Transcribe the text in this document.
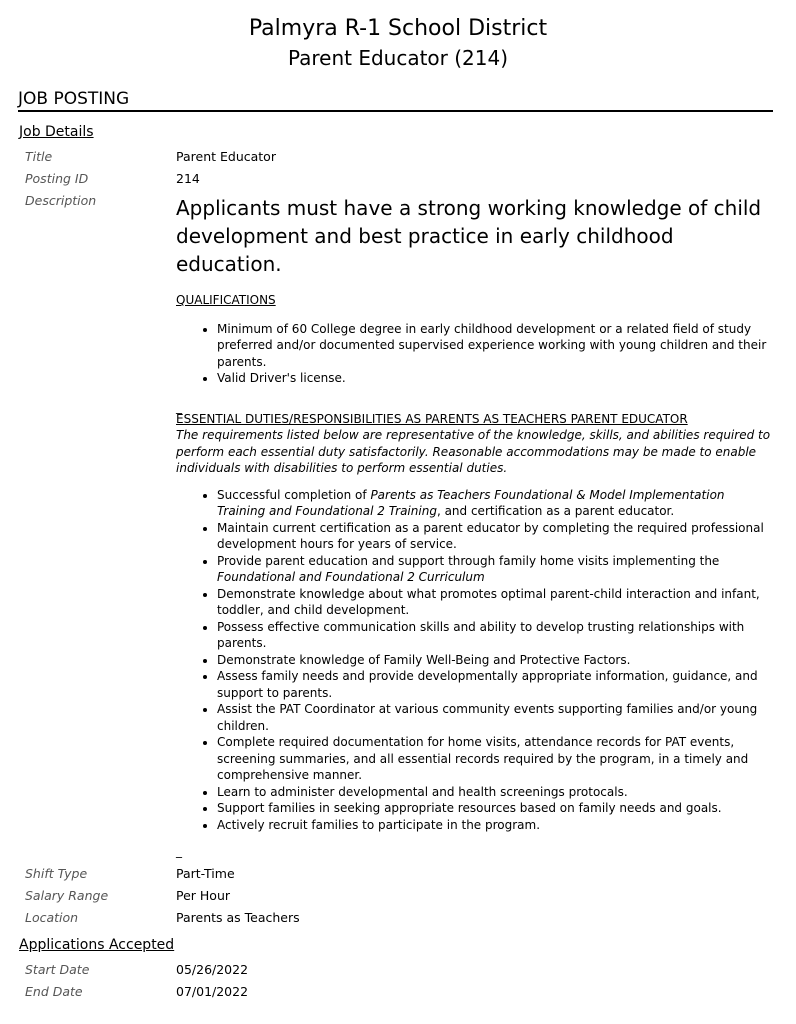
Palmyra R-1 School District
Parent Educator (214)
JOB POSTING
Job Details
Title	Parent Educator
Posting ID	214
Description	Applicants must have a strong working knowledge of child development and best practice in early childhood education.

QUALIFICATIONS

• Minimum of 60 College degree in early childhood development or a related field of study preferred and/or documented supervised experience working with young children and their parents.
• Valid Driver's license.

_

ESSENTIAL DUTIES/RESPONSIBILITIES AS PARENTS AS TEACHERS PARENT EDUCATOR

The requirements listed below are representative of the knowledge, skills, and abilities required to perform each essential duty satisfactorily. Reasonable accommodations may be made to enable individuals with disabilities to perform essential duties.

• Successful completion of Parents as Teachers Foundational & Model Implementation Training and Foundational 2 Training, and certification as a parent educator.
• Maintain current certification as a parent educator by completing the required professional development hours for years of service.
• Provide parent education and support through family home visits implementing the Foundational and Foundational 2 Curriculum
• Demonstrate knowledge about what promotes optimal parent-child interaction and infant, toddler, and child development.
• Possess effective communication skills and ability to develop trusting relationships with parents.
• Demonstrate knowledge of Family Well-Being and Protective Factors.
• Assess family needs and provide developmentally appropriate information, guidance, and support to parents.
• Assist the PAT Coordinator at various community events supporting families and/or young children.
• Complete required documentation for home visits, attendance records for PAT events, screening summaries, and all essential records required by the program, in a timely and comprehensive manner.
• Learn to administer developmental and health screenings protocals.
• Support families in seeking appropriate resources based on family needs and goals.
• Actively recruit families to participate in the program.

_

Shift Type	Part-Time
Salary Range	Per Hour
Location	Parents as Teachers
Applications Accepted
Start Date	05/26/2022
End Date	07/01/2022
